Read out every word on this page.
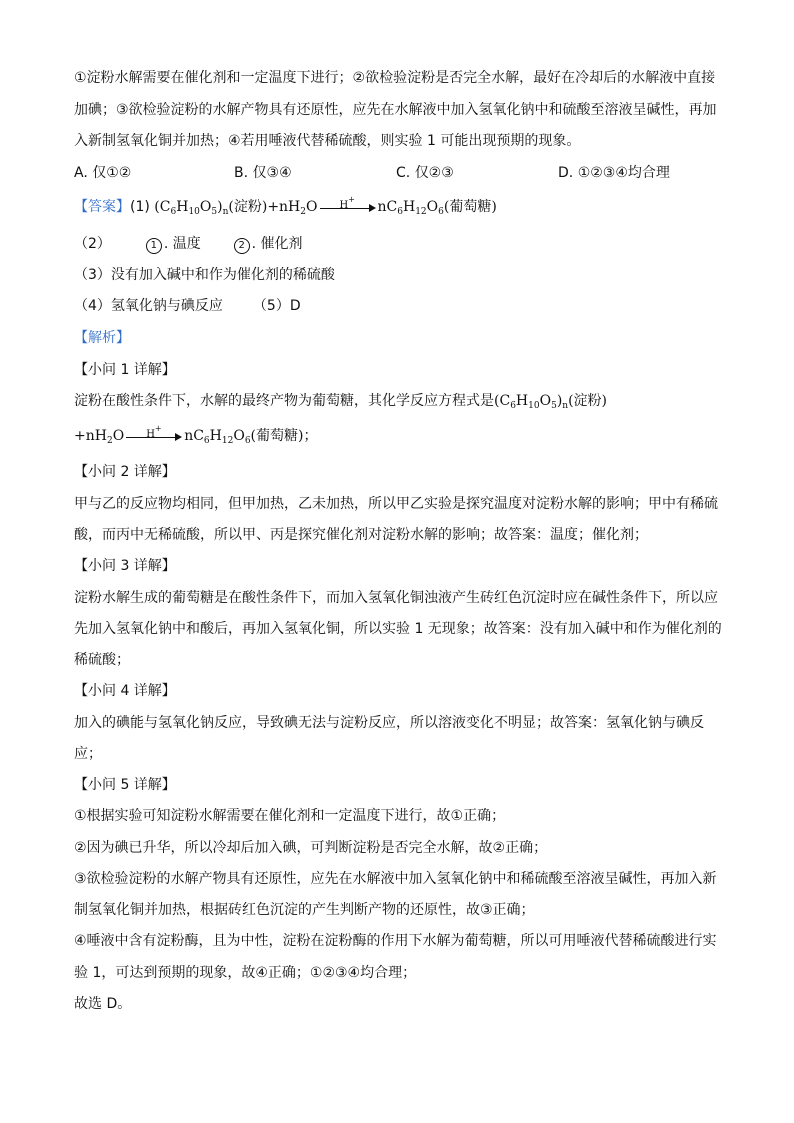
①淀粉水解需要在催化剂和一定温度下进行；②欲检验淀粉是否完全水解，最好在冷却后的水解液中直接
加碘；③欲检验淀粉的水解产物具有还原性，应先在水解液中加入氢氧化钠中和硫酸至溶液呈碱性，再加
入新制氢氧化铜并加热；④若用唾液代替稀硫酸，则实验 1 可能出现预期的现象。
A. 仅①②	B. 仅③④	C. 仅②③	D. ①②③④均合理
【答案】(1) $(C_6H_{10}O_5)_n$(淀粉)$+nH_2O$ H+ $nC_6H_{12}O_6$(葡萄糖)
（2）	1 . 温度	2 . 催化剂
（3）没有加入碱中和作为催化剂的稀硫酸
（4）氢氧化钠与碘反应 （5）D
【解析】
【小问 1 详解】
淀粉在酸性条件下，水解的最终产物为葡萄糖，其化学反应方程式是$(C_6H_{10}O_5)_n$(淀粉)
$+nH_2O$ H+ $nC_6H_{12}O_6$(葡萄糖)；
【小问 2 详解】
甲与乙的反应物均相同，但甲加热，乙未加热，所以甲乙实验是探究温度对淀粉水解的影响；甲中有稀硫
酸，而丙中无稀硫酸，所以甲、丙是探究催化剂对淀粉水解的影响；故答案：温度；催化剂；
【小问 3 详解】
淀粉水解生成的葡萄糖是在酸性条件下，而加入氢氧化铜浊液产生砖红色沉淀时应在碱性条件下，所以应
先加入氢氧化钠中和酸后，再加入氢氧化铜，所以实验 1 无现象；故答案：没有加入碱中和作为催化剂的
稀硫酸；
【小问 4 详解】
加入的碘能与氢氧化钠反应，导致碘无法与淀粉反应，所以溶液变化不明显；故答案：氢氧化钠与碘反
应；
【小问 5 详解】
①根据实验可知淀粉水解需要在催化剂和一定温度下进行，故①正确；
②因为碘已升华，所以冷却后加入碘，可判断淀粉是否完全水解，故②正确；
③欲检验淀粉的水解产物具有还原性，应先在水解液中加入氢氧化钠中和稀硫酸至溶液呈碱性，再加入新
制氢氧化铜并加热，根据砖红色沉淀的产生判断产物的还原性，故③正确；
④唾液中含有淀粉酶，且为中性，淀粉在淀粉酶的作用下水解为葡萄糖，所以可用唾液代替稀硫酸进行实
验 1，可达到预期的现象，故④正确；①②③④均合理；
故选 D。
